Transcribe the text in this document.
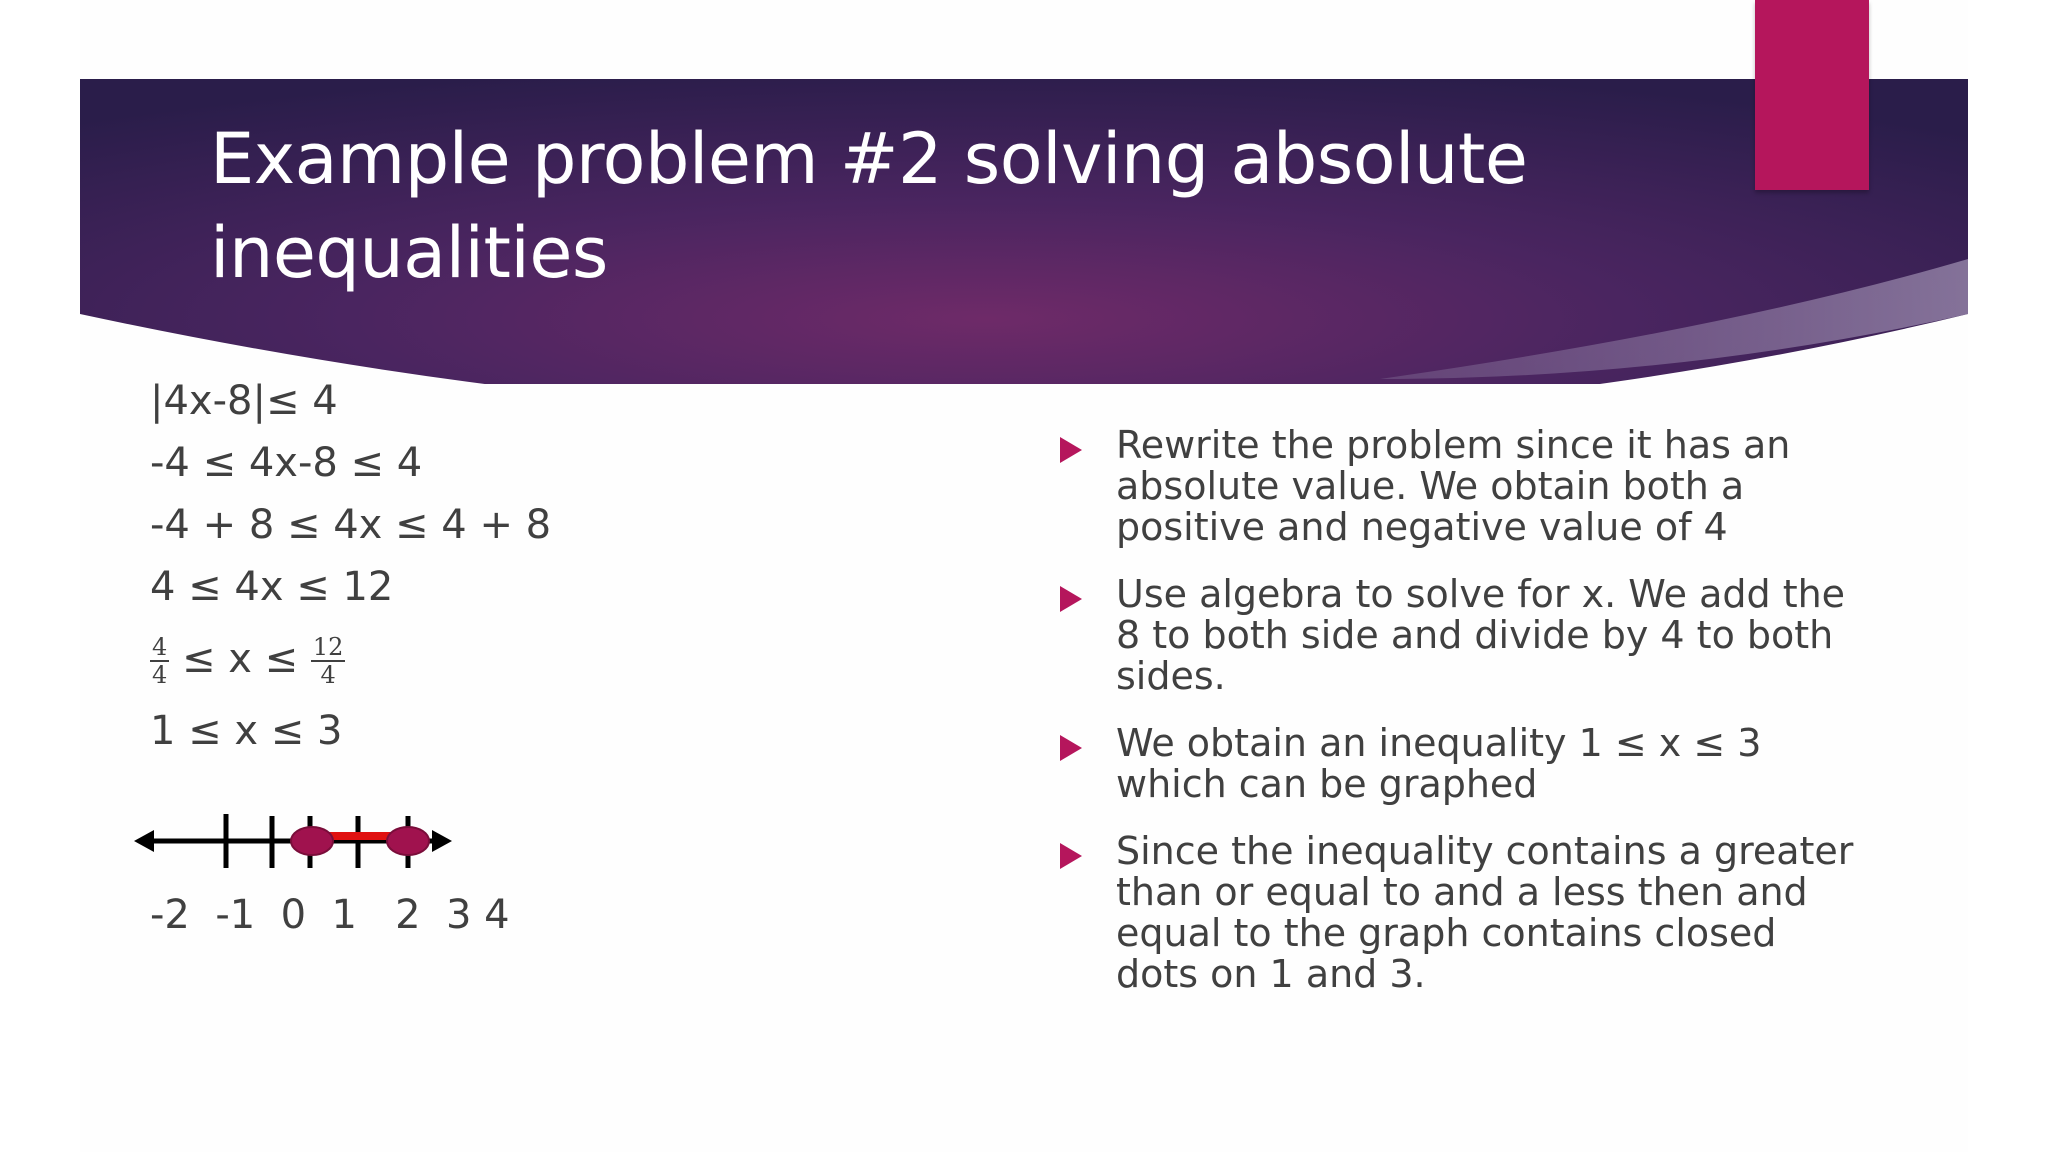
Example problem #2 solving absolute inequalities
|4x-8|≤ 4
-4 ≤ 4x-8 ≤ 4
-4 + 8 ≤ 4x ≤ 4 + 8
4 ≤ 4x ≤ 12
$\frac{4}{4} \le x \le \frac{12}{4}$
1 ≤ x ≤ 3
-2  -1  0  1   2  3 4
Rewrite the problem since it has an absolute value. We obtain both a positive and negative value of 4
Use algebra to solve for x. We add the 8 to both side and divide by 4 to both sides.
We obtain an inequality 1 ≤ x ≤ 3 which can be graphed
Since the inequality contains a greater than or equal to and a less then and equal to the graph contains closed dots on 1 and 3.
